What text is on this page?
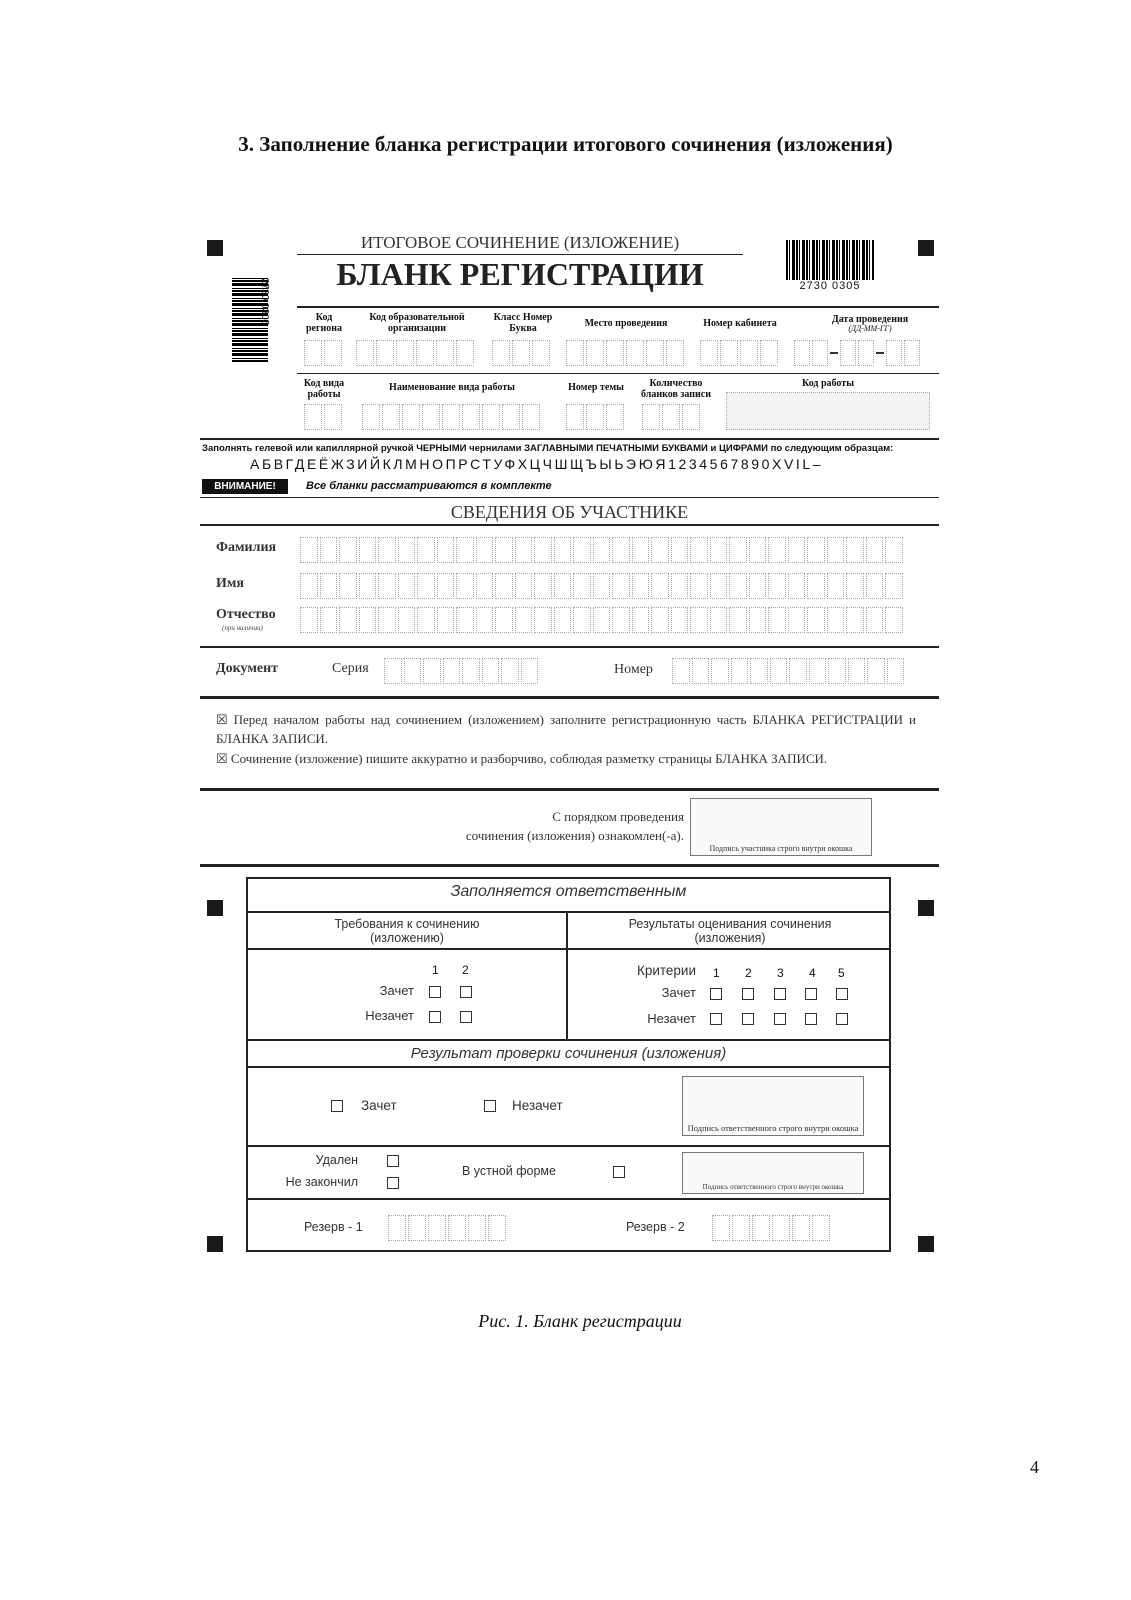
3. Заполнение бланка регистрации итогового сочинения (изложения)
2730 0305	2730 0305
ИТОГОВОЕ СОЧИНЕНИЕ (ИЗЛОЖЕНИЕ)
БЛАНК РЕГИСТРАЦИИ
Код региона
Код образовательной организации
Класс Номер Буква	Место проведения	Номер кабинета	Дата проведения
(ДД-ММ-ГГ)
Код вида работы
Наименование вида работы	Номер темы	Количество бланков записи
Код работы
Заполнять гелевой или капиллярной ручкой ЧЕРНЫМИ чернилами ЗАГЛАВНЫМИ ПЕЧАТНЫМИ БУКВАМИ и ЦИФРАМИ по следующим образцам:
АБВГДЕЁЖЗИЙКЛМНОПРСТУФХЦЧШЩЪЫЬЭЮЯ1234567890XVIL–
ВНИМАНИЕ!	Все бланки рассматриваются в комплекте
СВЕДЕНИЯ ОБ УЧАСТНИКЕ
Фамилия
Имя
Отчество
(при наличии)
Документ	Серия	Номер
☒ Перед началом работы над сочинением (изложением) заполните регистрационную часть БЛАНКА РЕГИСТРАЦИИ и БЛАНКА ЗАПИСИ.
☒ Сочинение (изложение) пишите аккуратно и разборчиво, соблюдая разметку страницы БЛАНКА ЗАПИСИ.
С порядком проведения
сочинения (изложения) ознакомлен(-а).
Подпись участника строго внутри окошка
Заполняется ответственным
Требования к сочинению (изложению)
Результаты оценивания сочинения (изложения)
1 2
Зачет
Незачет
Критерии 1 2 3 4 5
Зачет
Незачет
Результат проверки сочинения (изложения)
Зачет	Незачет
Подпись ответственного строго внутри окошка
Удален
Не закончил
В устной форме
Подпись ответственного строго внутри окошка
Резерв - 1	Резерв - 2
Рис. 1. Бланк регистрации
4
